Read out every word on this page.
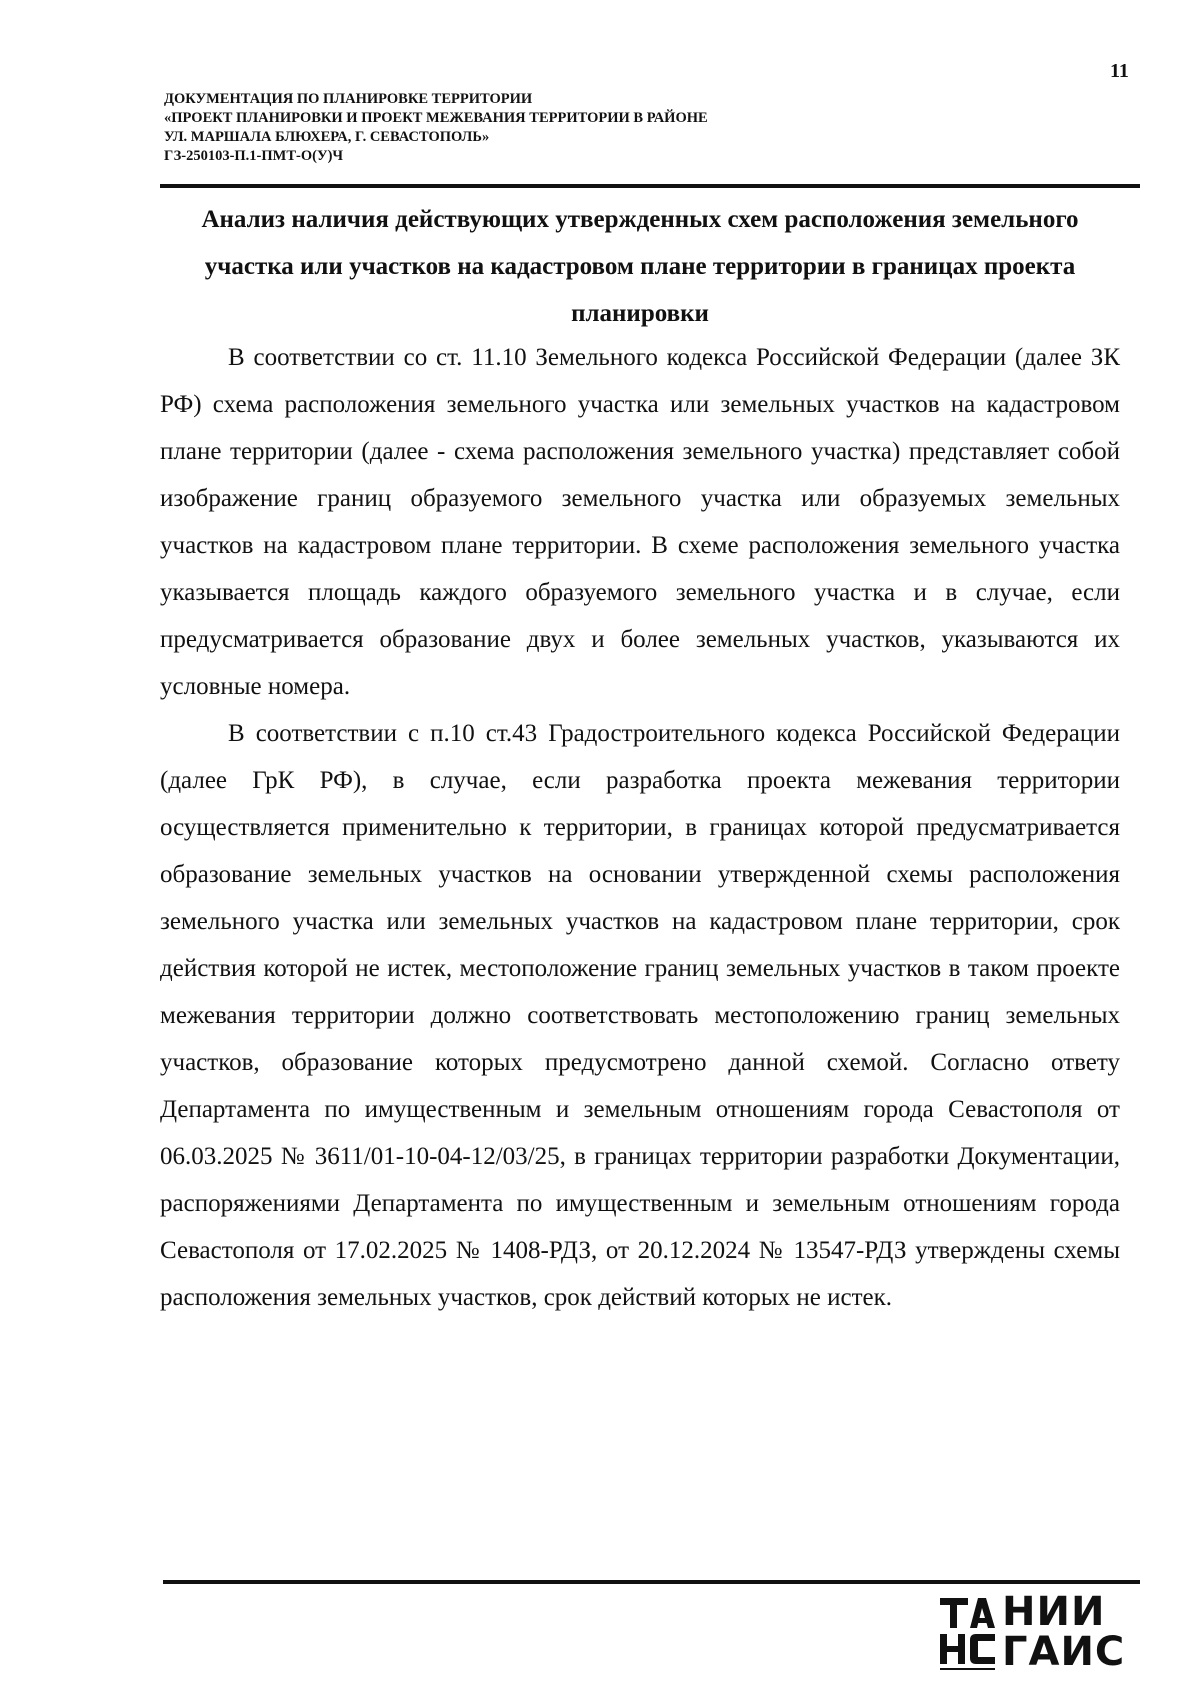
11
ДОКУМЕНТАЦИЯ ПО ПЛАНИРОВКЕ ТЕРРИТОРИИ
«ПРОЕКТ ПЛАНИРОВКИ И ПРОЕКТ МЕЖЕВАНИЯ ТЕРРИТОРИИ В РАЙОНЕ
УЛ. МАРШАЛА БЛЮХЕРА, Г. СЕВАСТОПОЛЬ»
ГЗ-250103-П.1-ПМТ-О(У)Ч
Анализ наличия действующих утвержденных схем расположения земельного участка или участков на кадастровом плане территории в границах проекта планировки

В соответствии со ст. 11.10 Земельного кодекса Российской Федерации (далее ЗК РФ) схема расположения земельного участка или земельных участков на кадастровом плане территории (далее - схема расположения земельного участка) представляет собой изображение границ образуемого земельного участка или образуемых земельных участков на кадастровом плане территории. В схеме расположения земельного участка указывается площадь каждого образуемого земельного участка и в случае, если предусматривается образование двух и более земельных участков, указываются их условные номера.

В соответствии с п.10 ст.43 Градостроительного кодекса Российской Федерации (далее ГрК РФ), в случае, если разработка проекта межевания территории осуществляется применительно к территории, в границах которой предусматривается образование земельных участков на основании утвержденной схемы расположения земельного участка или земельных участков на кадастровом плане территории, срок действия которой не истек, местоположение границ земельных участков в таком проекте межевания территории должно соответствовать местоположению границ земельных участков, образование которых предусмотрено данной схемой. Согласно ответу Департамента по имущественным и земельным отношениям города Севастополя от 06.03.2025 № 3611/01-10-04-12/03/25, в границах территории разработки Документации, распоряжениями Департамента по имущественным и земельным отношениям города Севастополя от 17.02.2025 № 1408-РДЗ, от 20.12.2024 № 13547-РДЗ утверждены схемы расположения земельных участков, срок действий которых не истек.

НИИ
ГАИС
